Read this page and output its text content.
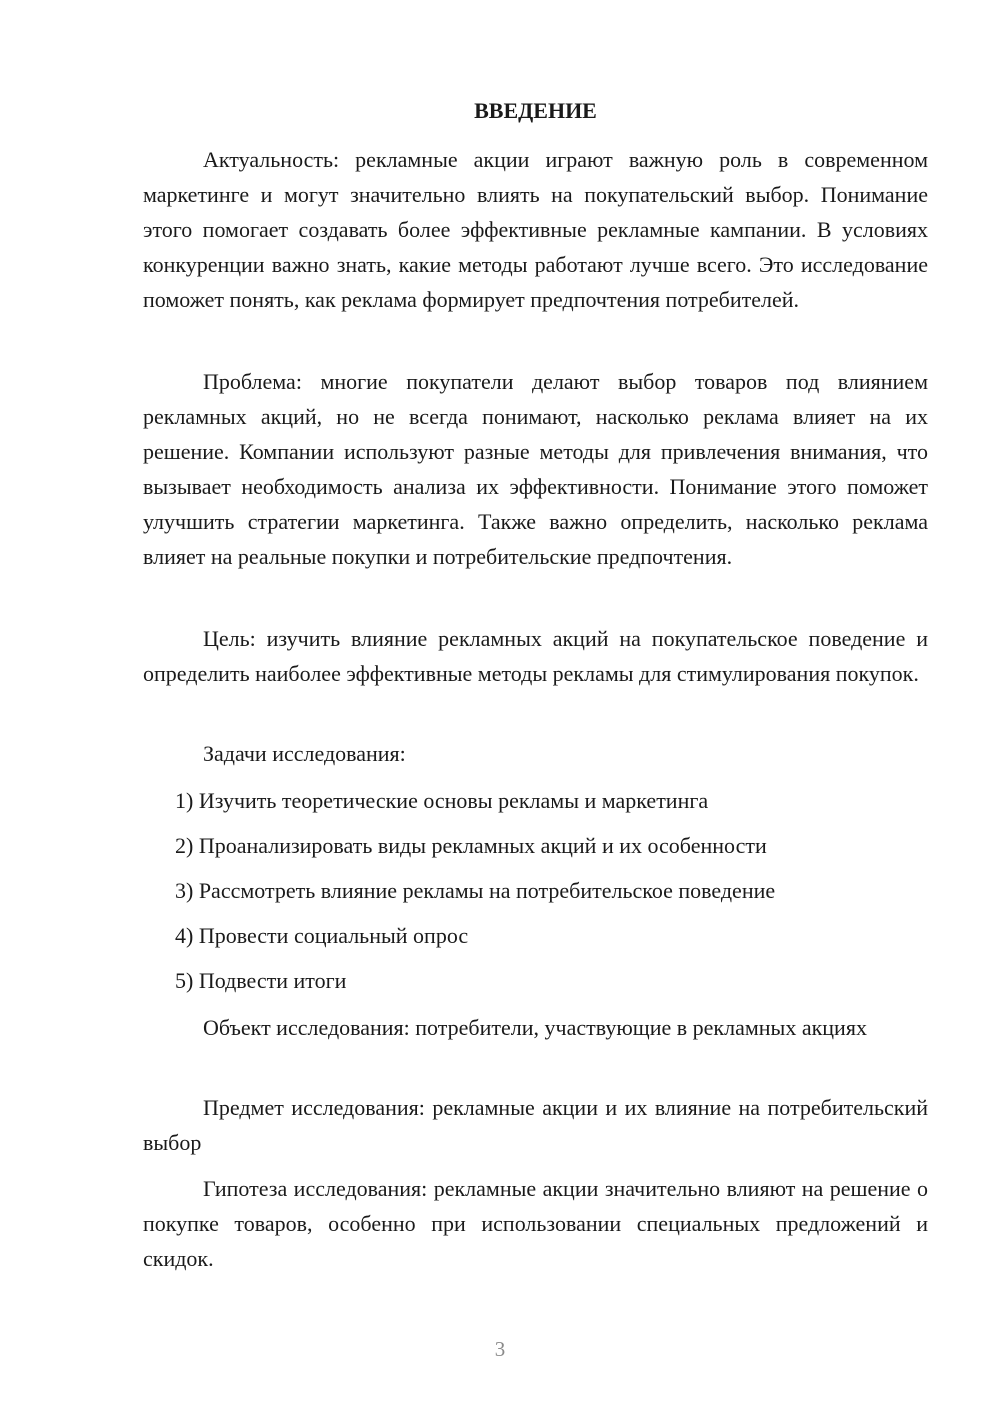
ВВЕДЕНИЕ

Актуальность: рекламные акции играют важную роль в современном маркетинге и могут значительно влиять на покупательский выбор. Понимание этого помогает создавать более эффективные рекламные кампании. В условиях конкуренции важно знать, какие методы работают лучше всего. Это исследование поможет понять, как реклама формирует предпочтения потребителей.

Проблема: многие покупатели делают выбор товаров под влиянием рекламных акций, но не всегда понимают, насколько реклама влияет на их решение. Компании используют разные методы для привлечения внимания, что вызывает необходимость анализа их эффективности. Понимание этого поможет улучшить стратегии маркетинга. Также важно определить, насколько реклама влияет на реальные покупки и потребительские предпочтения.

Цель: изучить влияние рекламных акций на покупательское поведение и определить наиболее эффективные методы рекламы для стимулирования покупок.

Задачи исследования:

1) Изучить теоретические основы рекламы и маркетинга

2) Проанализировать виды рекламных акций и их особенности

3) Рассмотреть влияние рекламы на потребительское поведение

4) Провести социальный опрос

5) Подвести итоги

Объект исследования: потребители, участвующие в рекламных акциях

Предмет исследования: рекламные акции и их влияние на потребительский выбор

Гипотеза исследования: рекламные акции значительно влияют на решение о покупке товаров, особенно при использовании специальных предложений и скидок.

3
